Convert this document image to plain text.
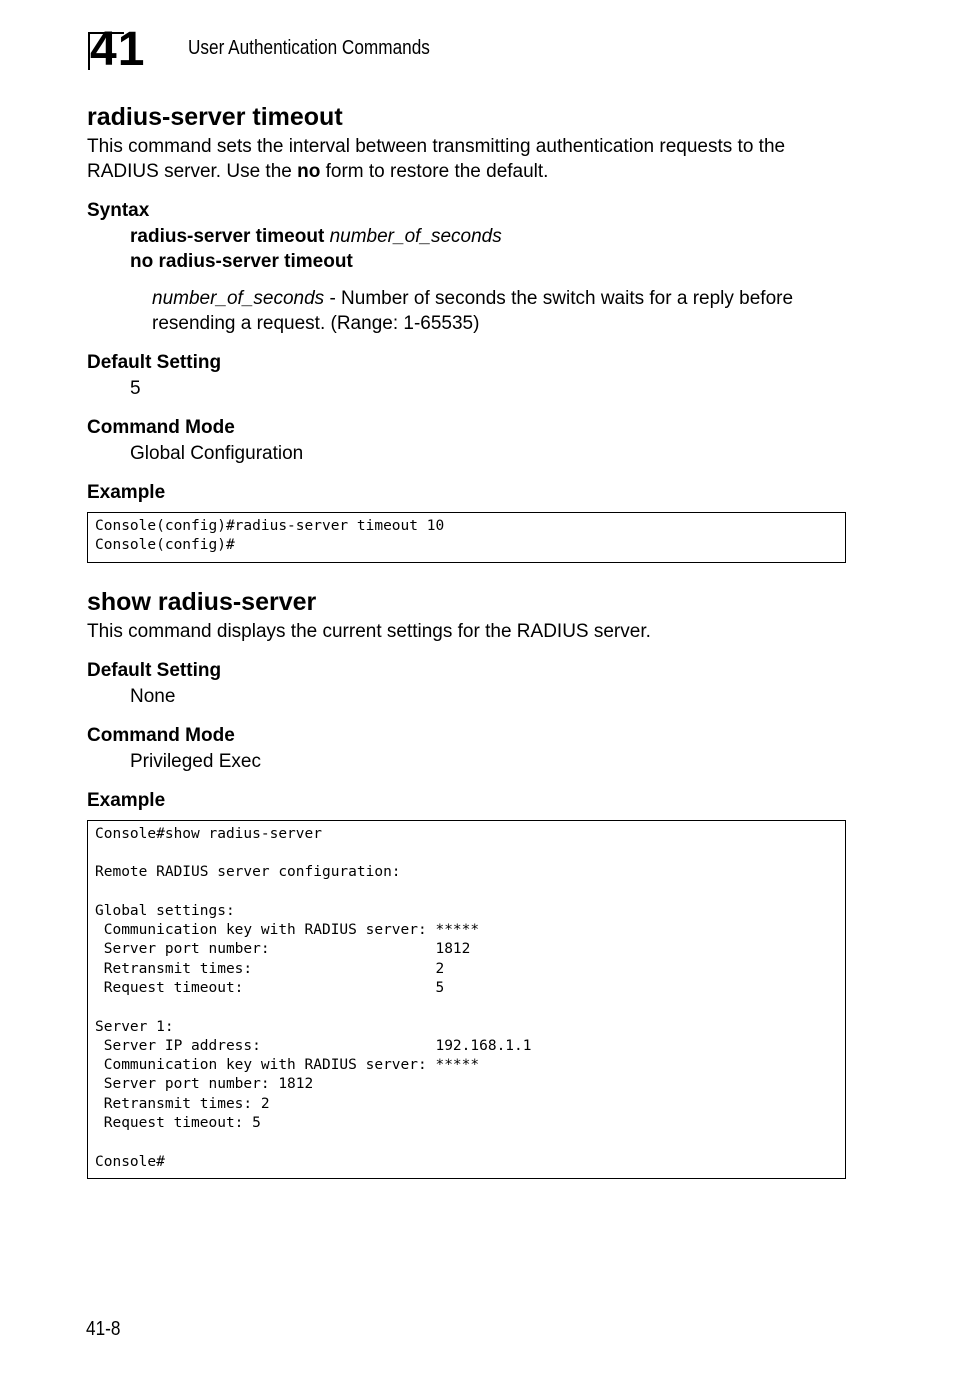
41 User Authentication Commands
radius-server timeout

This command sets the interval between transmitting authentication requests to the RADIUS server. Use the no form to restore the default.

Syntax

radius-server timeout number_of_seconds

no radius-server timeout

number_of_seconds - Number of seconds the switch waits for a reply before resending a request. (Range: 1-65535)

Default Setting

5

Command Mode

Global Configuration

Example
Console(config)#radius-server timeout 10
Console(config)#
show radius-server

This command displays the current settings for the RADIUS server.

Default Setting

None

Command Mode

Privileged Exec

Example
Console#show radius-server

Remote RADIUS server configuration:

Global settings:
Communication key with RADIUS server: *****
Server port number:                   1812
Retransmit times:                     2
Request timeout:                      5

Server 1:
Server IP address:                    192.168.1.1
Communication key with RADIUS server: *****
Server port number: 1812
Retransmit times: 2
Request timeout: 5

Console#
41-8
